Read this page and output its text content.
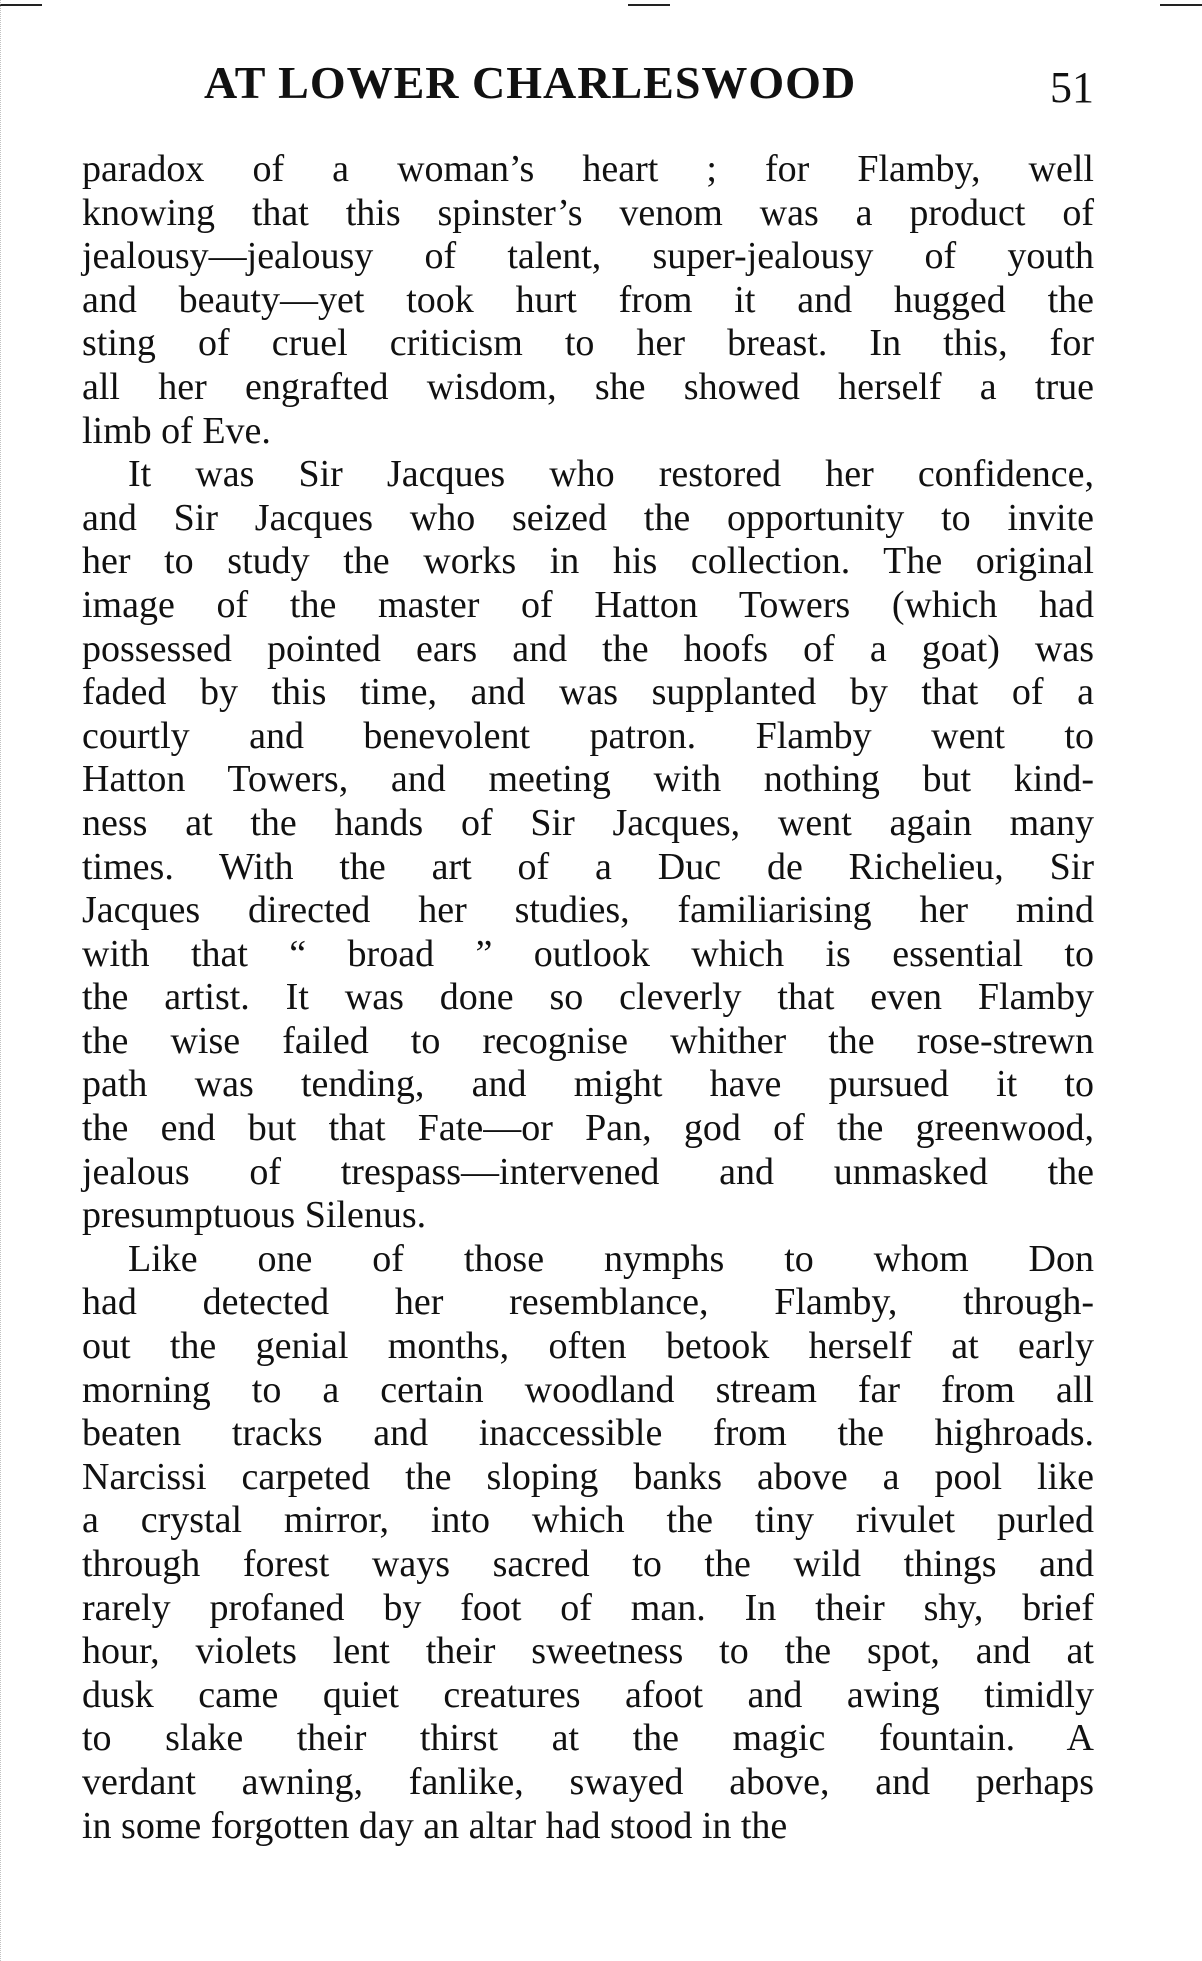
AT LOWER CHARLESWOOD	51
paradox of a woman’s heart ; for Flamby, well
knowing that this spinster’s venom was a product of
jealousy—jealousy of talent, super-jealousy of youth
and beauty—yet took hurt from it and hugged the
sting of cruel criticism to her breast. In this, for
all her engrafted wisdom, she showed herself a true
limb of Eve.
It was Sir Jacques who restored her confidence,
and Sir Jacques who seized the opportunity to invite
her to study the works in his collection. The original
image of the master of Hatton Towers (which had
possessed pointed ears and the hoofs of a goat) was
faded by this time, and was supplanted by that of a
courtly and benevolent patron. Flamby went to
Hatton Towers, and meeting with nothing but kind-
ness at the hands of Sir Jacques, went again many
times. With the art of a Duc de Richelieu, Sir
Jacques directed her studies, familiarising her mind
with that “ broad ” outlook which is essential to
the artist. It was done so cleverly that even Flamby
the wise failed to recognise whither the rose-strewn
path was tending, and might have pursued it to
the end but that Fate—or Pan, god of the greenwood,
jealous of trespass—intervened and unmasked the
presumptuous Silenus.
Like one of those nymphs to whom Don
had detected her resemblance, Flamby, through-
out the genial months, often betook herself at early
morning to a certain woodland stream far from all
beaten tracks and inaccessible from the highroads.
Narcissi carpeted the sloping banks above a pool like
a crystal mirror, into which the tiny rivulet purled
through forest ways sacred to the wild things and
rarely profaned by foot of man. In their shy, brief
hour, violets lent their sweetness to the spot, and at
dusk came quiet creatures afoot and awing timidly
to slake their thirst at the magic fountain. A
verdant awning, fanlike, swayed above, and perhaps
in some forgotten day an altar had stood in the
